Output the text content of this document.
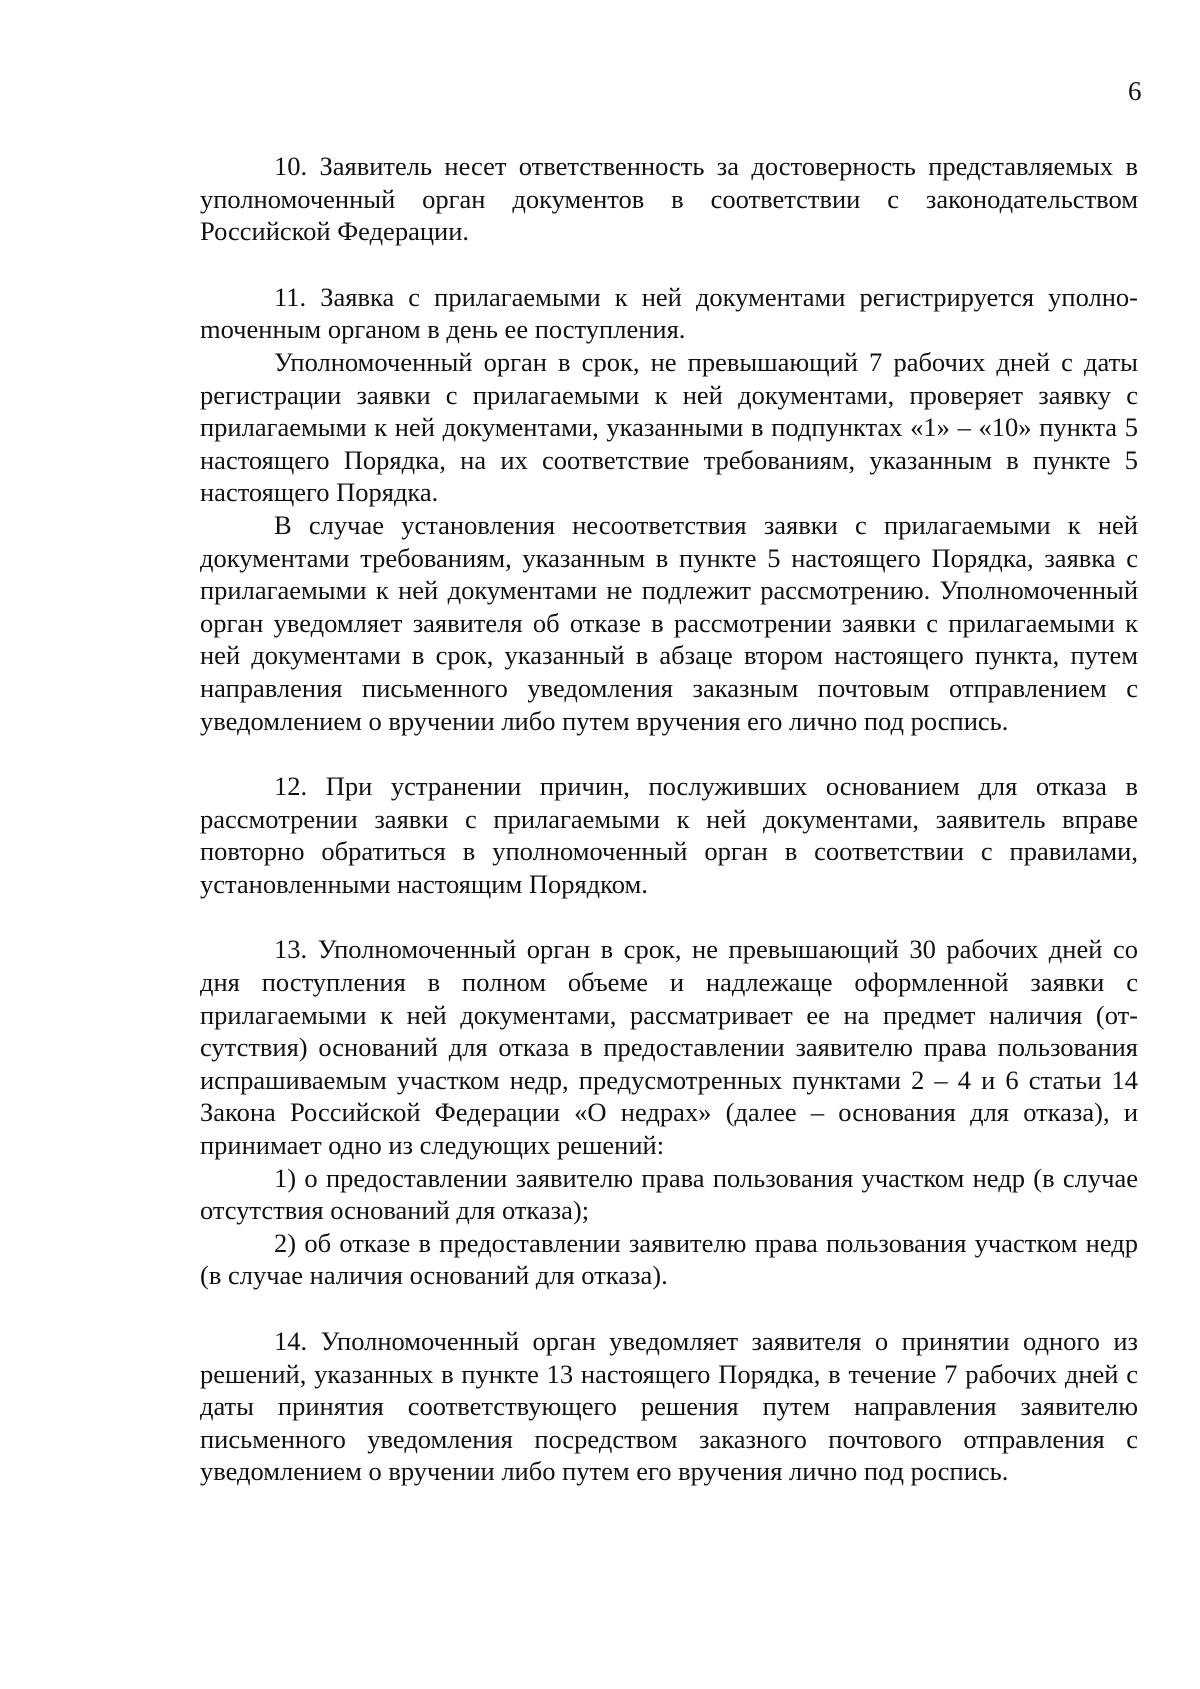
6

10. Заявитель несет ответственность за достоверность представляемых в уполномоченный орган документов в соответствии с законодательством Российской Федерации.

11. Заявка с прилагаемыми к ней документами регистрируется уполноmоченным органом в день ее поступления.

Уполномоченный орган в срок, не превышающий 7 рабочих дней с даты регистрации заявки с прилагаемыми к ней документами, проверяет заявку с прилагаемыми к ней документами, указанными в подпунктах «1» – «10» пункта 5 настоящего Порядка, на их соответствие требованиям, указанным в пункте 5 настоящего Порядка.

В случае установления несоответствия заявки с прилагаемыми к ней документами требованиям, указанным в пункте 5 настоящего Порядка, заявка с прилагаемыми к ней документами не подлежит рассмотрению. Уполномоченный орган уведомляет заявителя об отказе в рассмотрении заявки с прилагаемыми к ней документами в срок, указанный в абзаце втором настоящего пункта, путем направления письменного уведомления заказным почтовым отправлением с уведомлением о вручении либо путем вручения его лично под роспись.

12. При устранении причин, послуживших основанием для отказа в рассмотрении заявки с прилагаемыми к ней документами, заявитель вправе повторно обратиться в уполномоченный орган в соответствии с правилами, установленными настоящим Порядком.

13. Уполномоченный орган в срок, не превышающий 30 рабочих дней со дня поступления в полном объеме и надлежаще оформленной заявки с прилагаемыми к ней документами, рассматривает ее на предмет наличия (отсутствия) оснований для отказа в предоставлении заявителю права пользования испрашиваемым участком недр, предусмотренных пунктами 2 – 4 и 6 статьи 14 Закона Российской Федерации «О недрах» (далее – основания для отказа), и принимает одно из следующих решений:

1) о предоставлении заявителю права пользования участком недр (в случае отсутствия оснований для отказа);

2) об отказе в предоставлении заявителю права пользования участком недр (в случае наличия оснований для отказа).

14. Уполномоченный орган уведомляет заявителя о принятии одного из решений, указанных в пункте 13 настоящего Порядка, в течение 7 рабочих дней с даты принятия соответствующего решения путем направления заявителю письменного уведомления посредством заказного почтового отправления с уведомлением о вручении либо путем его вручения лично под роспись.
